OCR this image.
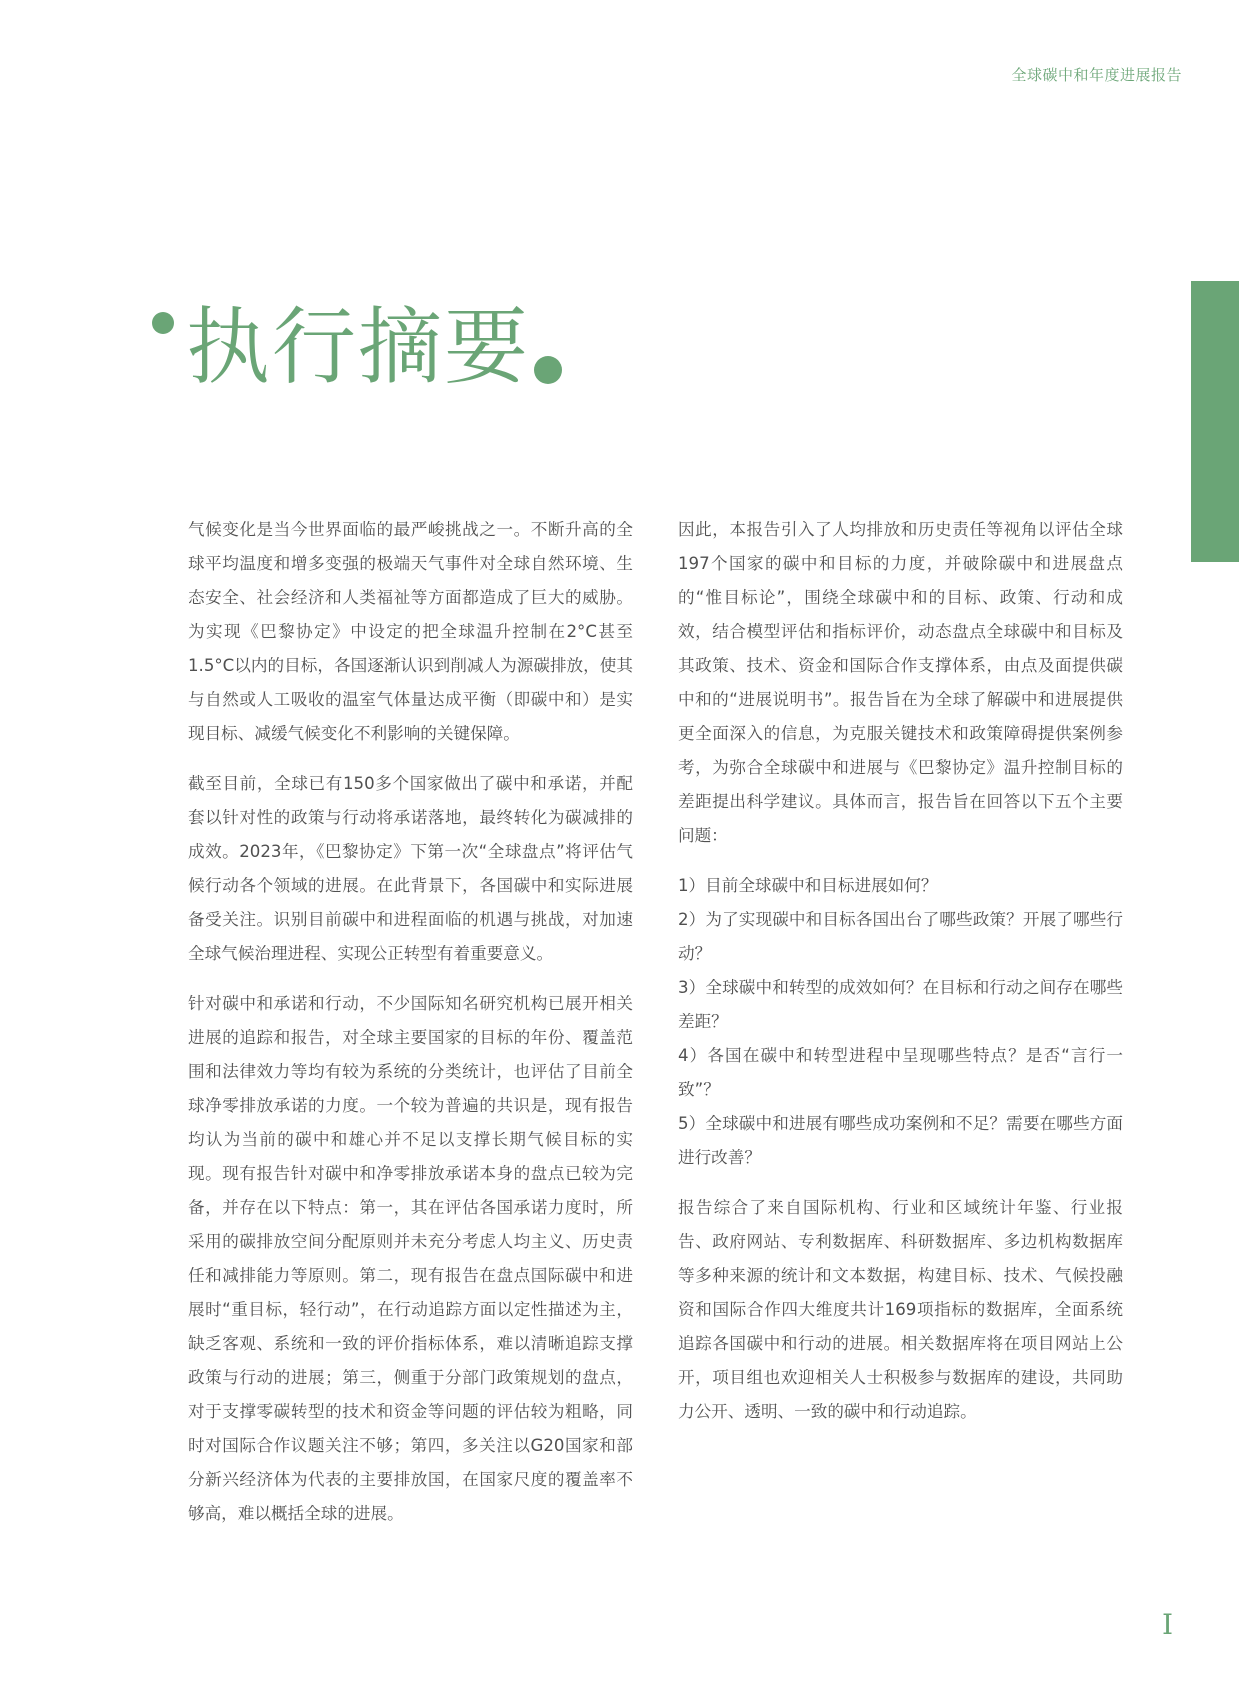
全球碳中和年度进展报告
执行摘要

气候变化是当今世界面临的最严峻挑战之一。不断升高的全球平均温度和增多变强的极端天气事件对全球自然环境、生态安全、社会经济和人类福祉等方面都造成了巨大的威胁。为实现《巴黎协定》中设定的把全球温升控制在2°C甚至1.5°C以内的目标，各国逐渐认识到削减人为源碳排放，使其与自然或人工吸收的温室气体量达成平衡（即碳中和）是实现目标、减缓气候变化不利影响的关键保障。

截至目前，全球已有150多个国家做出了碳中和承诺，并配套以针对性的政策与行动将承诺落地，最终转化为碳减排的成效。2023年，《巴黎协定》下第一次“全球盘点”将评估气候行动各个领域的进展。在此背景下，各国碳中和实际进展备受关注。识别目前碳中和进程面临的机遇与挑战，对加速全球气候治理进程、实现公正转型有着重要意义。

针对碳中和承诺和行动，不少国际知名研究机构已展开相关进展的追踪和报告，对全球主要国家的目标的年份、覆盖范围和法律效力等均有较为系统的分类统计，也评估了目前全球净零排放承诺的力度。一个较为普遍的共识是，现有报告均认为当前的碳中和雄心并不足以支撑长期气候目标的实现。现有报告针对碳中和净零排放承诺本身的盘点已较为完备，并存在以下特点：第一，其在评估各国承诺力度时，所采用的碳排放空间分配原则并未充分考虑人均主义、历史责任和减排能力等原则。第二，现有报告在盘点国际碳中和进展时“重目标，轻行动”，在行动追踪方面以定性描述为主，缺乏客观、系统和一致的评价指标体系，难以清晰追踪支撑政策与行动的进展；第三，侧重于分部门政策规划的盘点，对于支撑零碳转型的技术和资金等问题的评估较为粗略，同时对国际合作议题关注不够；第四，多关注以G20国家和部分新兴经济体为代表的主要排放国，在国家尺度的覆盖率不够高，难以概括全球的进展。

因此，本报告引入了人均排放和历史责任等视角以评估全球197个国家的碳中和目标的力度，并破除碳中和进展盘点的“惟目标论”，围绕全球碳中和的目标、政策、行动和成效，结合模型评估和指标评价，动态盘点全球碳中和目标及其政策、技术、资金和国际合作支撑体系，由点及面提供碳中和的“进展说明书”。报告旨在为全球了解碳中和进展提供更全面深入的信息，为克服关键技术和政策障碍提供案例参考，为弥合全球碳中和进展与《巴黎协定》温升控制目标的差距提出科学建议。具体而言，报告旨在回答以下五个主要问题：

1）目前全球碳中和目标进展如何？
2）为了实现碳中和目标各国出台了哪些政策？开展了哪些行动？
3）全球碳中和转型的成效如何？在目标和行动之间存在哪些差距？
4）各国在碳中和转型进程中呈现哪些特点？是否“言行一致”？
5）全球碳中和进展有哪些成功案例和不足？需要在哪些方面进行改善？

报告综合了来自国际机构、行业和区域统计年鉴、行业报告、政府网站、专利数据库、科研数据库、多边机构数据库等多种来源的统计和文本数据，构建目标、技术、气候投融资和国际合作四大维度共计169项指标的数据库，全面系统追踪各国碳中和行动的进展。相关数据库将在项目网站上公开，项目组也欢迎相关人士积极参与数据库的建设，共同助力公开、透明、一致的碳中和行动追踪。

I
